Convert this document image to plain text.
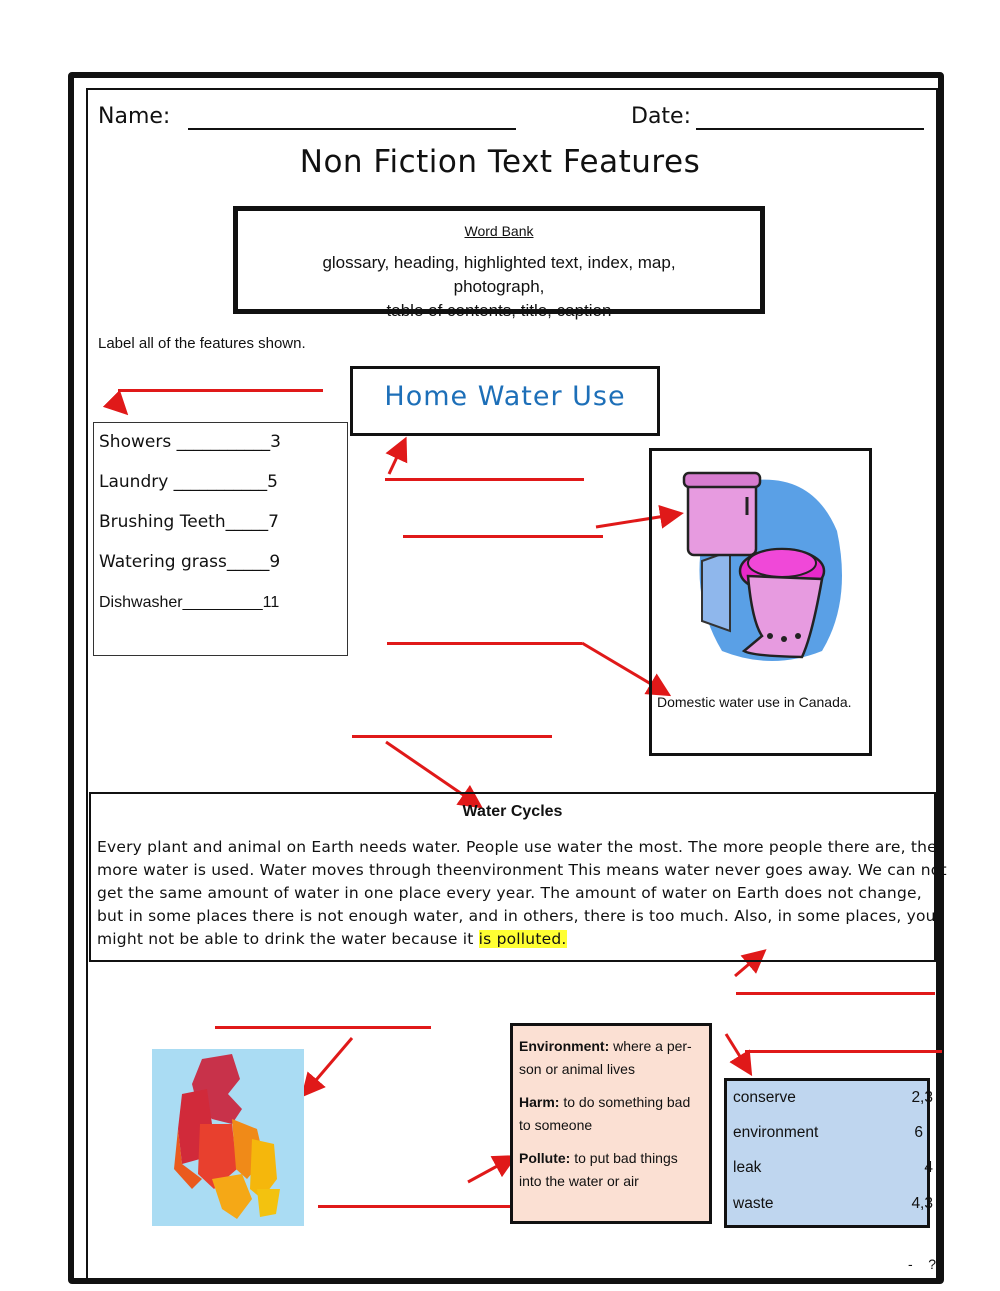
Name:	Date:
Non Fiction Text Features
Word Bank
glossary, heading, highlighted text, index, map, photograph,
table of contents, title, caption
Label all of the features shown.
Home Water Use
Showers ___________3
Laundry ___________5
Brushing Teeth_____7
Watering grass_____9
Dishwasher_________11
Domestic water use in Canada.
Water Cycles
Every plant and animal on Earth needs water. People use water the most. The more people there are, the more water is used. Water moves through theenvironment This means water never goes away. We can not get the same amount of water in one place every year. The amount of water on Earth does not change, but in some places there is not enough water, and in others, there is too much. Also, in some places, you might not be able to drink the water because it is polluted.

Environment: where a per-son or animal lives

Harm: to do something bad to someone

Pollute: to put bad things into the water or air

conserve	2,3
environment	6
leak	4
waste	4,3
-    ?
